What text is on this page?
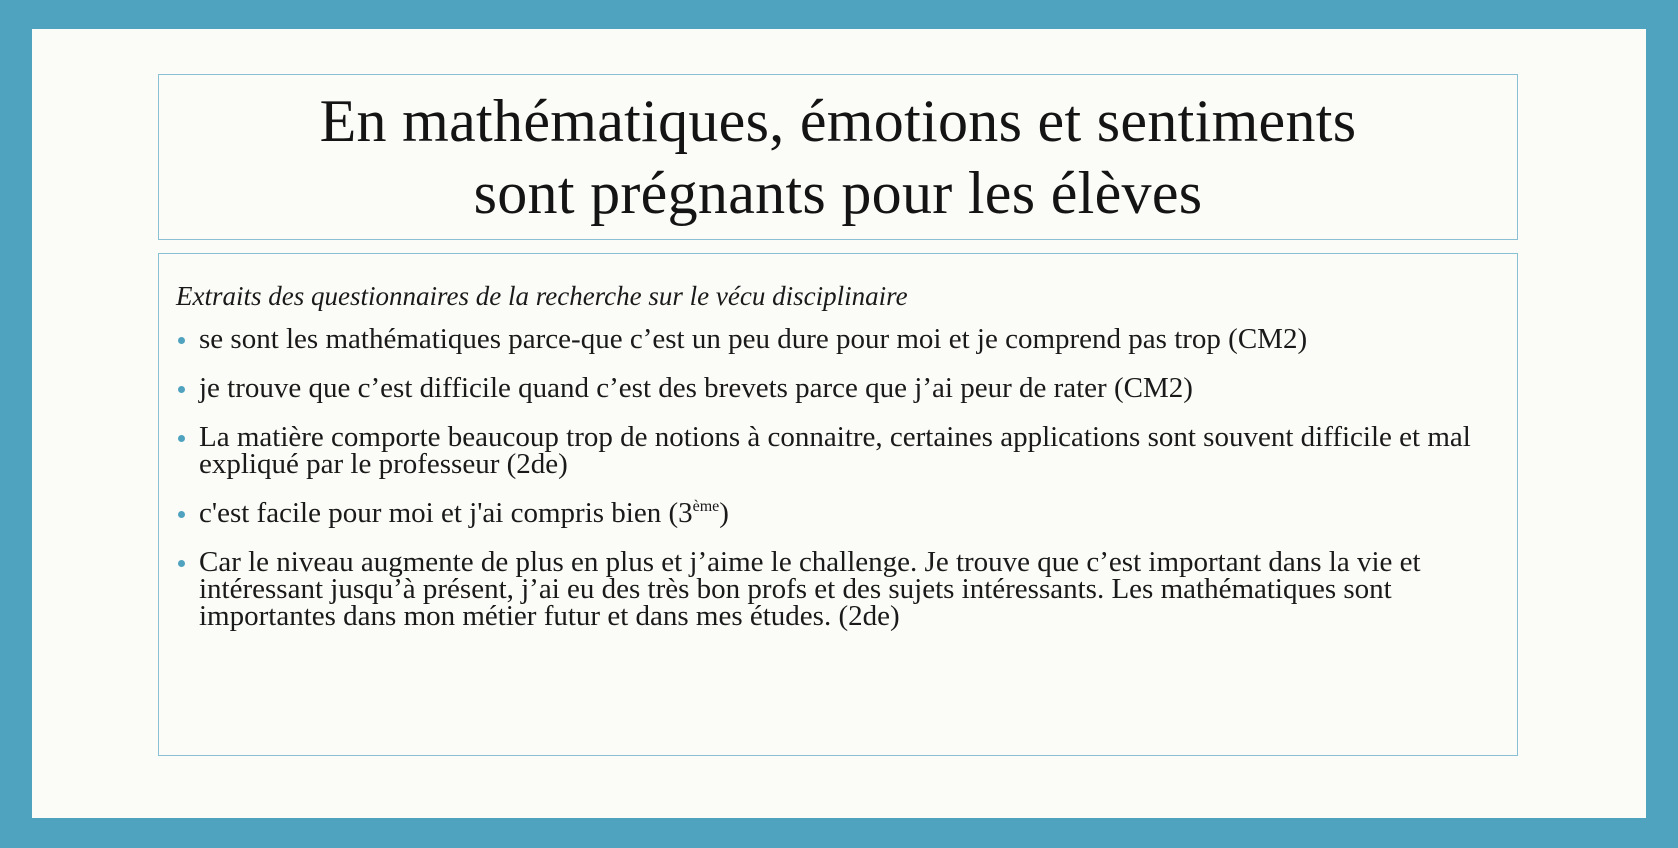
En mathématiques, émotions et sentiments
sont prégnants pour les élèves

Extraits des questionnaires de la recherche sur le vécu disciplinaire

se sont les mathématiques parce-que c’est un peu dure pour moi et je comprend pas trop (CM2)
je trouve que c’est difficile quand c’est des brevets parce que j’ai peur de rater (CM2)
La matière comporte beaucoup trop de notions à connaitre, certaines applications sont souvent difficile et mal expliqué par le professeur (2de)
c'est facile pour moi et j'ai compris bien (3ème)
Car le niveau augmente de plus en plus et j’aime le challenge. Je trouve que c’est important dans la vie et intéressant jusqu’à présent, j’ai eu des très bon profs et des sujets intéressants. Les mathématiques sont importantes dans mon métier futur et dans mes études. (2de)
